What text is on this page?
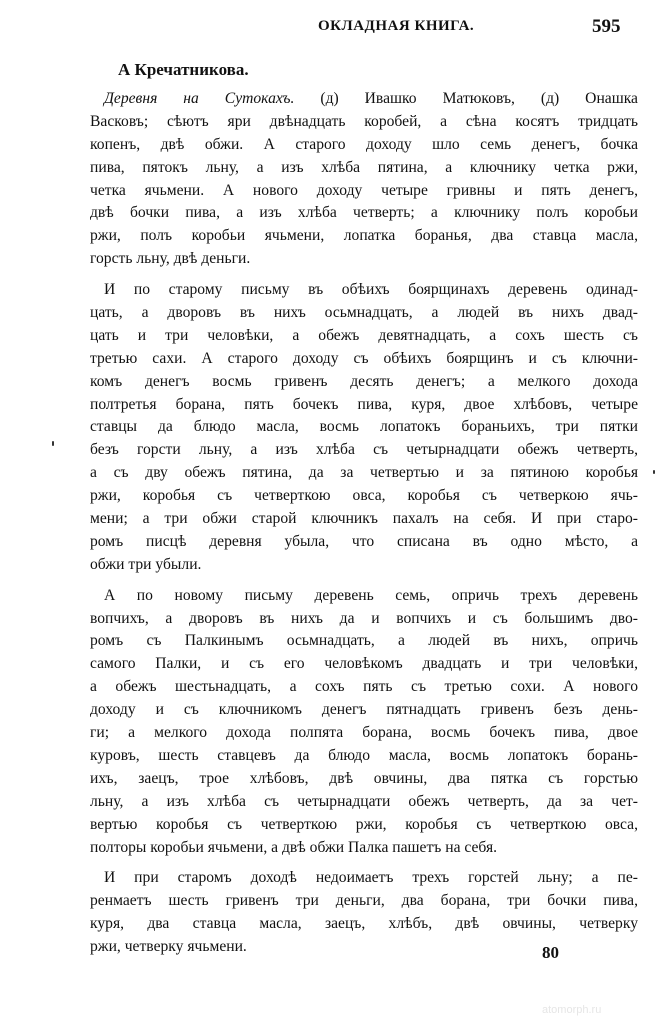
ОКЛАДНАЯ КНИГА.	595
А Кречатникова.
Деревня на Сутокахъ. (д) Ивашко Матюковъ, (д) Онашка
Васковъ; сѣютъ яри двѣнадцать коробей, а сѣна косятъ тридцать
копенъ, двѣ обжи. А старого доходу шло семь денегъ, бочка
пива, пятокъ льну, а изъ хлѣба пятина, а ключнику четка ржи,
четка ячьмени. А нового доходу четыре гривны и пять денегъ,
двѣ бочки пива, а изъ хлѣба четверть; а ключнику полъ коробьи
ржи, полъ коробьи ячьмени, лопатка боранья, два ставца масла,
горсть льну, двѣ деньги.
И по старому письму въ обѣихъ боярщинахъ деревень одинад-
цать, а дворовъ въ нихъ осьмнадцать, а людей въ нихъ двад-
цать и три человѣки, а обежъ девятнадцать, а сохъ шесть съ
третью сахи. А старого доходу съ обѣихъ боярщинъ и съ ключни-
комъ денегъ восмь гривенъ десять денегъ; а мелкого дохода
полтретья борана, пять бочекъ пива, куря, двое хлѣбовъ, четыре
ставцы да блюдо масла, восмь лопатокъ бораньихъ, три пятки
безъ горсти льну, а изъ хлѣба съ четырнадцати обежъ четверть,
а съ дву обежъ пятина, да за четвертью и за пятиною коробья
ржи, коробья съ четверткою овса, коробья съ четверкою ячь-
мени; а три обжи старой ключникъ пахалъ на себя. И при старо-
ромъ писцѣ деревня убыла, что списана въ одно мѣсто, а
обжи три убыли.
А по новому письму деревень семь, опричь трехъ деревень
вопчихъ, а дворовъ въ нихъ да и вопчихъ и съ большимъ дво-
ромъ съ Палкинымъ осьмнадцать, а людей въ нихъ, опричь
самого Палки, и съ его человѣкомъ двадцать и три человѣки,
а обежъ шестьнадцать, а сохъ пять съ третью сохи. А нового
доходу и съ ключникомъ денегъ пятнадцать гривенъ безъ день-
ги; а мелкого дохода полпята борана, восмь бочекъ пива, двое
куровъ, шесть ставцевъ да блюдо масла, восмь лопатокъ борань-
ихъ, заецъ, трое хлѣбовъ, двѣ овчины, два пятка съ горстью
льну, а изъ хлѣба съ четырнадцати обежъ четверть, да за чет-
вертью коробья съ четверткою ржи, коробья съ четверткою овса,
полторы коробьи ячьмени, а двѣ обжи Палка пашетъ на себя.
И при старомъ доходѣ недоимаетъ трехъ горстей льну; а пе-
ренмаетъ шесть гривенъ три деньги, два борана, три бочки пива,
куря, два ставца масла, заецъ, хлѣбъ, двѣ овчины, четверку
ржи, четверку ячьмени.	80
atomorph.ru
